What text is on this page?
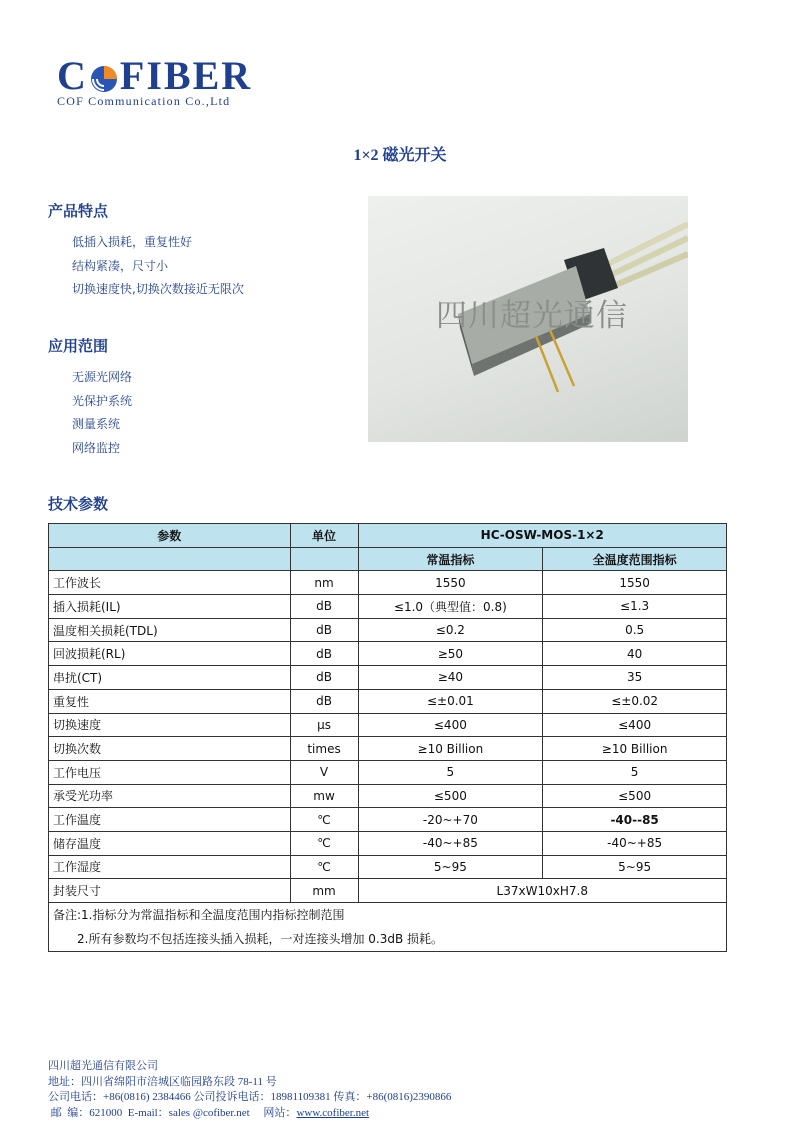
C FIBER
COF Communication Co.,Ltd
1×2 磁光开关
产品特点
低插入损耗，重复性好
结构紧凑，尺寸小
切换速度快,切换次数接近无限次
应用范围
无源光网络
光保护系统
测量系统
网络监控
四川超光通信
技术参数
参数	单位	HC-OSW-MOS-1×2	
		常温指标	全温度范围指标
工作波长	nm	1550	1550
插入损耗(IL)	dB	≤1.0（典型值：0.8)	≤1.3
温度相关损耗(TDL)	dB	≤0.2	0.5
回波损耗(RL)	dB	≥50	40
串扰(CT)	dB	≥40	35
重复性	dB	≤±0.01	≤±0.02
切换速度	μs	≤400	≤400
切换次数	times	≥10 Billion	≥10 Billion
工作电压	V	5	5
承受光功率	mw	≤500	≤500
工作温度	℃	-20~+70	-40--85
储存温度	℃	-40~+85	-40~+85
工作湿度	℃	5~95	5~95
封装尺寸	mm	L37xW10xH7.8	

备注:1.指标分为常温指标和全温度范围内指标控制范围
2.所有参数均不包括连接头插入损耗，一对连接头增加 0.3dB 损耗。			
四川超光通信有限公司
地址：四川省绵阳市涪城区临园路东段 78-11 号
公司电话：+86(0816) 2384466 公司投诉电话：18981109381 传真：+86(0816)2390866
邮  编：621000  E-mail：sales @cofiber.net     网站：www.cofiber.net
